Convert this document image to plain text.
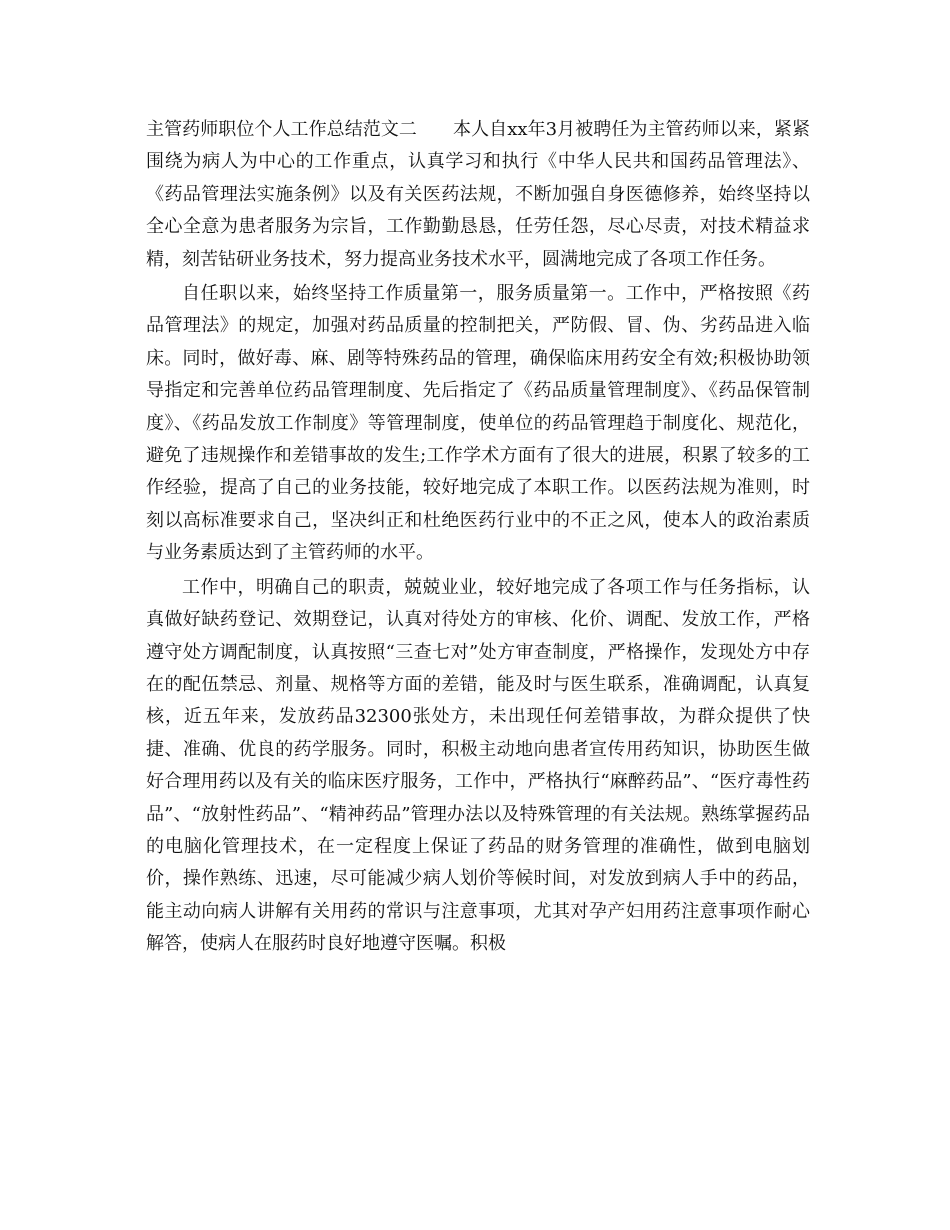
主管药师职位个人工作总结范文二 本人自xx年3月被聘任为主管药师以来，紧紧围绕为病人为中心的工作重点，认真学习和执行《中华人民共和国药品管理法》、《药品管理法实施条例》以及有关医药法规，不断加强自身医德修养，始终坚持以全心全意为患者服务为宗旨，工作勤勤恳恳，任劳任怨，尽心尽责，对技术精益求精，刻苦钻研业务技术，努力提高业务技术水平，圆满地完成了各项工作任务。

自任职以来，始终坚持工作质量第一，服务质量第一。工作中，严格按照《药品管理法》的规定，加强对药品质量的控制把关，严防假、冒、伪、劣药品进入临床。同时，做好毒、麻、剧等特殊药品的管理，确保临床用药安全有效;积极协助领导指定和完善单位药品管理制度、先后指定了《药品质量管理制度》、《药品保管制度》、《药品发放工作制度》等管理制度，使单位的药品管理趋于制度化、规范化，避免了违规操作和差错事故的发生;工作学术方面有了很大的进展，积累了较多的工作经验，提高了自己的业务技能，较好地完成了本职工作。以医药法规为准则，时刻以高标准要求自己，坚决纠正和杜绝医药行业中的不正之风，使本人的政治素质与业务素质达到了主管药师的水平。

工作中，明确自己的职责，兢兢业业，较好地完成了各项工作与任务指标，认真做好缺药登记、效期登记，认真对待处方的审核、化价、调配、发放工作，严格遵守处方调配制度，认真按照“三查七对”处方审查制度，严格操作，发现处方中存在的配伍禁忌、剂量、规格等方面的差错，能及时与医生联系，准确调配，认真复核，近五年来，发放药品32300张处方，未出现任何差错事故，为群众提供了快捷、准确、优良的药学服务。同时，积极主动地向患者宣传用药知识，协助医生做好合理用药以及有关的临床医疗服务，工作中，严格执行“麻醉药品”、“医疗毒性药品”、“放射性药品”、“精神药品”管理办法以及特殊管理的有关法规。熟练掌握药品的电脑化管理技术，在一定程度上保证了药品的财务管理的准确性，做到电脑划价，操作熟练、迅速，尽可能减少病人划价等候时间，对发放到病人手中的药品，能主动向病人讲解有关用药的常识与注意事项，尤其对孕产妇用药注意事项作耐心解答，使病人在服药时良好地遵守医嘱。积极
